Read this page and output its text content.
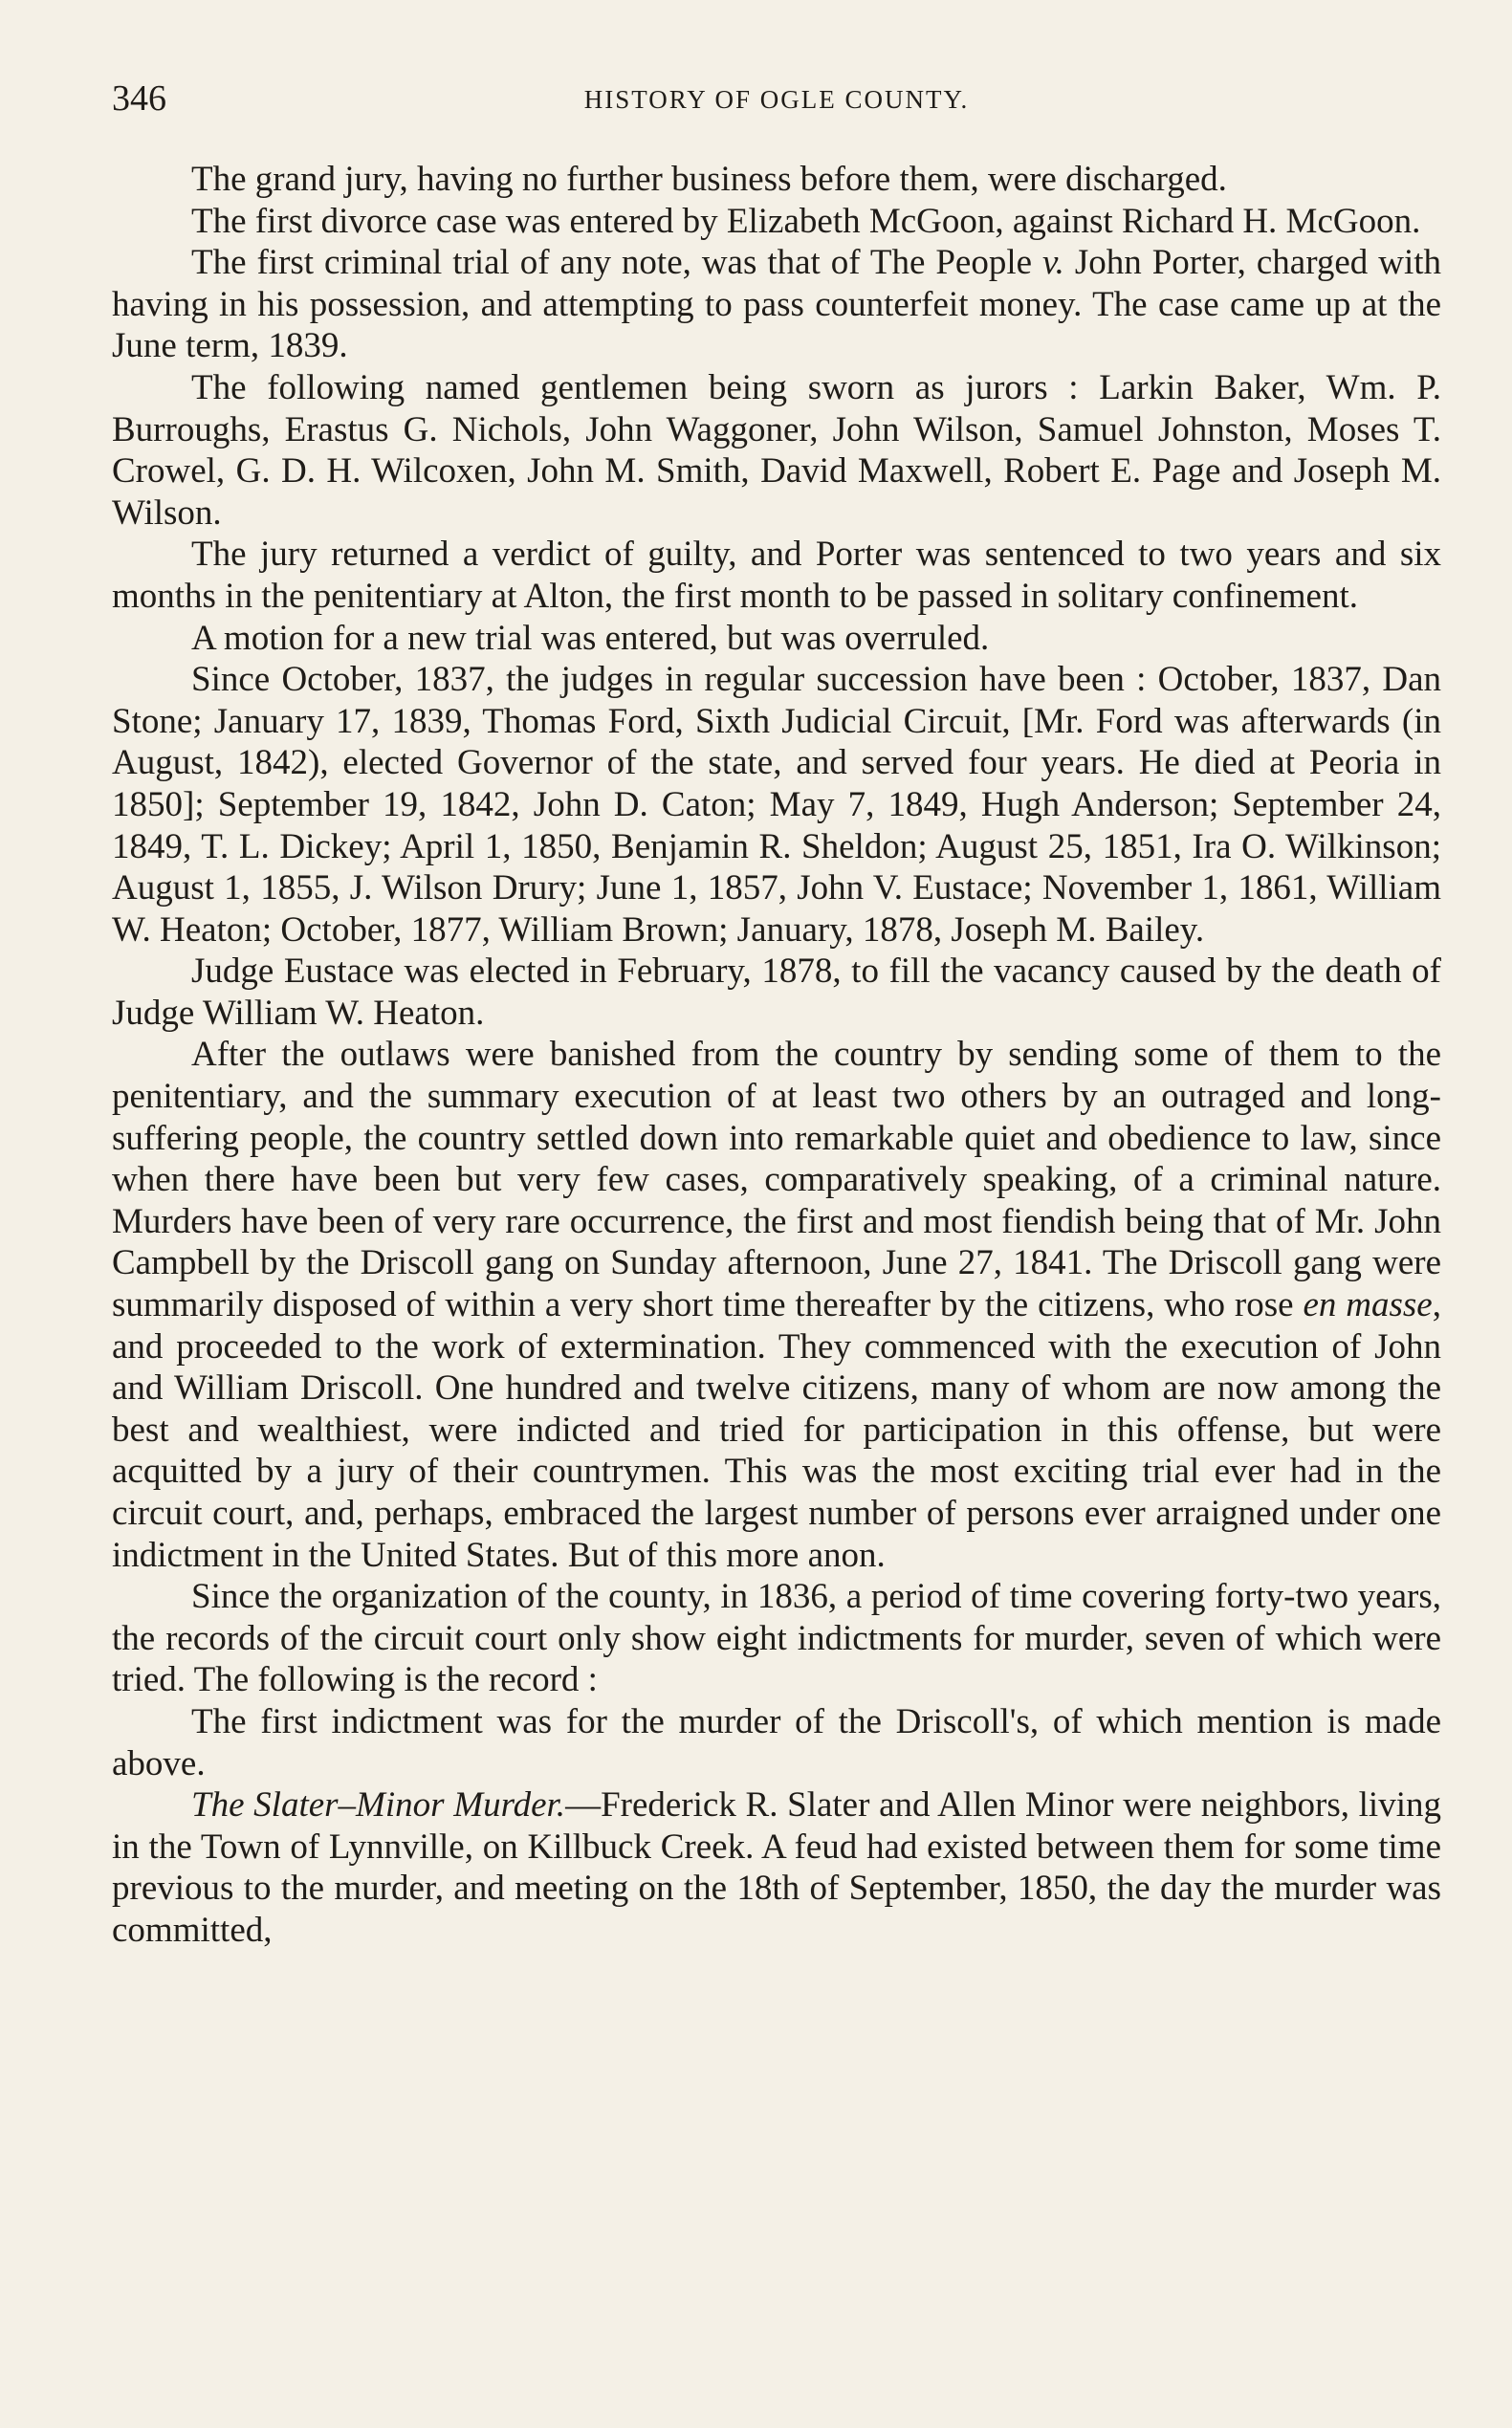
346	HISTORY OF OGLE COUNTY.

The grand jury, having no further business before them, were discharged.

The first divorce case was entered by Elizabeth McGoon, against Richard H. McGoon.

The first criminal trial of any note, was that of The People v. John Porter, charged with having in his possession, and attempting to pass counterfeit money. The case came up at the June term, 1839.

The following named gentlemen being sworn as jurors : Larkin Baker, Wm. P. Burroughs, Erastus G. Nichols, John Waggoner, John Wilson, Samuel Johnston, Moses T. Crowel, G. D. H. Wilcoxen, John M. Smith, David Maxwell, Robert E. Page and Joseph M. Wilson.

The jury returned a verdict of guilty, and Porter was sentenced to two years and six months in the penitentiary at Alton, the first month to be passed in solitary confinement.

A motion for a new trial was entered, but was overruled.

Since October, 1837, the judges in regular succession have been : October, 1837, Dan Stone; January 17, 1839, Thomas Ford, Sixth Judicial Circuit, [Mr. Ford was afterwards (in August, 1842), elected Governor of the state, and served four years. He died at Peoria in 1850]; September 19, 1842, John D. Caton; May 7, 1849, Hugh Anderson; September 24, 1849, T. L. Dickey; April 1, 1850, Benjamin R. Sheldon; August 25, 1851, Ira O. Wilkinson; August 1, 1855, J. Wilson Drury; June 1, 1857, John V. Eustace; November 1, 1861, William W. Heaton; October, 1877, William Brown; January, 1878, Joseph M. Bailey.

Judge Eustace was elected in February, 1878, to fill the vacancy caused by the death of Judge William W. Heaton.

After the outlaws were banished from the country by sending some of them to the penitentiary, and the summary execution of at least two others by an outraged and long-suffering people, the country settled down into remarkable quiet and obedience to law, since when there have been but very few cases, comparatively speaking, of a criminal nature. Murders have been of very rare occurrence, the first and most fiendish being that of Mr. John Campbell by the Driscoll gang on Sunday afternoon, June 27, 1841. The Driscoll gang were summarily disposed of within a very short time thereafter by the citizens, who rose en masse, and proceeded to the work of extermination. They commenced with the execution of John and William Driscoll. One hundred and twelve citizens, many of whom are now among the best and wealthiest, were indicted and tried for participation in this offense, but were acquitted by a jury of their countrymen. This was the most exciting trial ever had in the circuit court, and, perhaps, embraced the largest number of persons ever arraigned under one indictment in the United States. But of this more anon.

Since the organization of the county, in 1836, a period of time covering forty-two years, the records of the circuit court only show eight indictments for murder, seven of which were tried. The following is the record :

The first indictment was for the murder of the Driscoll's, of which mention is made above.

The Slater–Minor Murder.—Frederick R. Slater and Allen Minor were neighbors, living in the Town of Lynnville, on Killbuck Creek. A feud had existed between them for some time previous to the murder, and meeting on the 18th of September, 1850, the day the murder was committed,
